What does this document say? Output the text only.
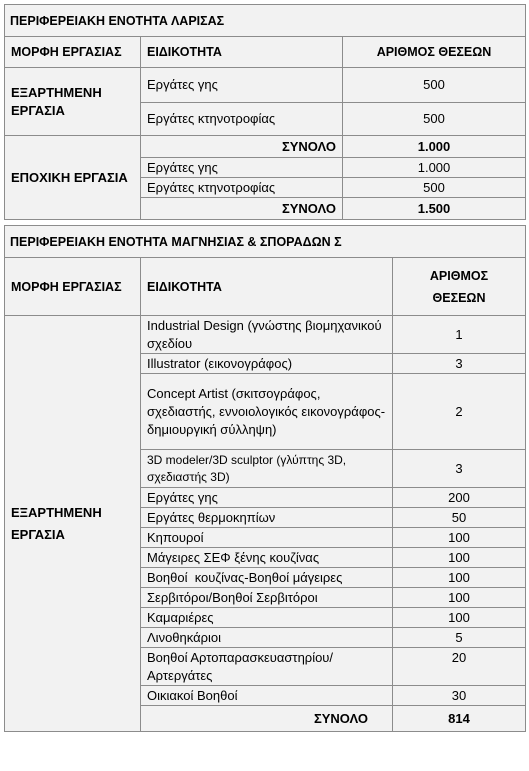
ΠΕΡΙΦΕΡΕΙΑΚΗ ΕΝΟΤΗΤΑ ΛΑΡΙΣΑΣ		
ΜΟΡΦΗ ΕΡΓΑΣΙΑΣ	ΕΙΔΙΚΟΤΗΤΑ	ΑΡΙΘΜΟΣ ΘΕΣΕΩΝ
ΕΞΑΡΤΗΜΕΝΗ ΕΡΓΑΣΙΑ	Εργάτες γης	500
	Εργάτες κτηνοτροφίας	500
ΕΠΟΧΙΚΗ ΕΡΓΑΣΙΑ	ΣΥΝΟΛΟ	1.000
	Εργάτες γης	1.000
	Εργάτες κτηνοτροφίας	500
	ΣΥΝΟΛΟ	1.500
ΠΕΡΙΦΕΡΕΙΑΚΗ ΕΝΟΤΗΤΑ ΜΑΓΝΗΣΙΑΣ & ΣΠΟΡΑΔΩΝ Σ		
ΜΟΡΦΗ ΕΡΓΑΣΙΑΣ	ΕΙΔΙΚΟΤΗΤΑ	ΑΡΙΘΜΟΣ
ΘΕΣΕΩΝ

ΕΞΑΡΤΗΜΕΝΗ
ΕΡΓΑΣΙΑ	Industrial Design (γνώστης βιομηχανικού σχεδίου	1
	Illustrator (εικονογράφος)	3
	Concept Artist (σκιτσογράφος, σχεδιαστής, εννοιολογικός εικονογράφος- δημιουργική σύλληψη)	2
	3D modeler/3D sculptor (γλύπτης 3D, σχεδιαστής 3D)	3
	Εργάτες γης	200
	Εργάτες θερμοκηπίων	50
	Κηπουροί	100
	Μάγειρες ΣΕΦ ξένης κουζίνας	100
	Βοηθοί  κουζίνας-Βοηθοί μάγειρες	100
	Σερβιτόροι/Βοηθοί Σερβιτόροι	100
	Καμαριέρες	100
	Λινοθηκάριοι	5
	Βοηθοί Αρτοπαρασκευαστηρίου/Αρτεργάτες	20
	Οικιακοί Βοηθοί	30
	ΣΥΝΟΛΟ	814
